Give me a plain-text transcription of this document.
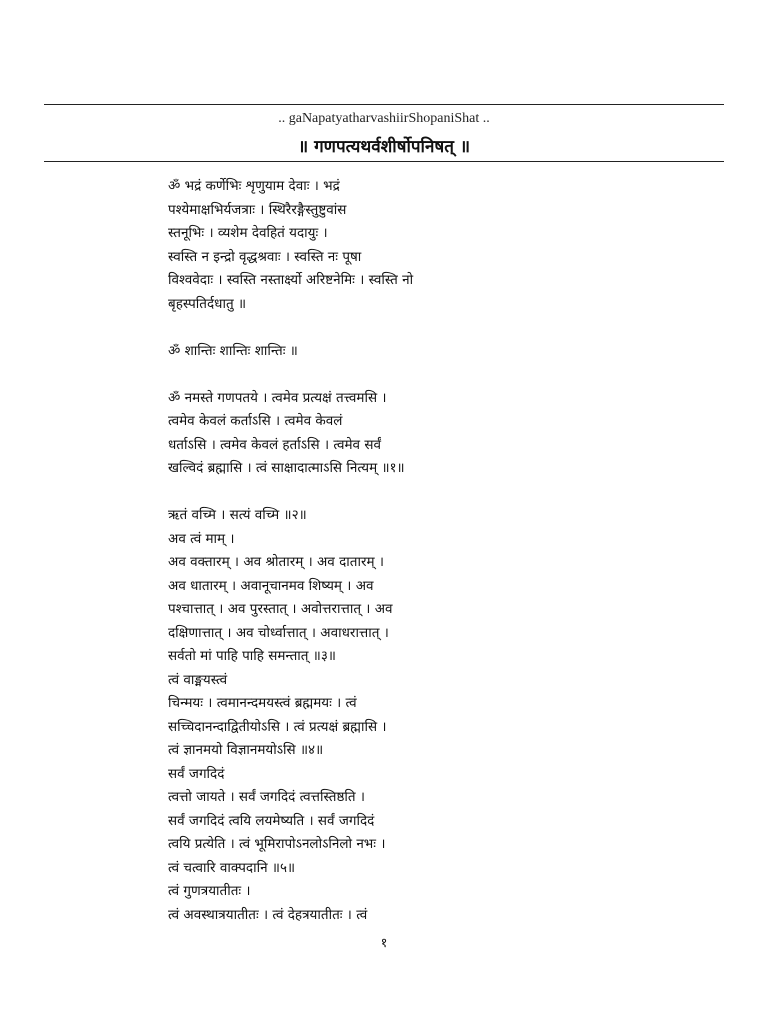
.. gaNapatyatharvashiirShopaniShat ..
॥ गणपत्यथर्वशीर्षोपनिषत् ॥
ॐ भद्रं कर्णेभिः शृणुयाम देवाः । भद्रं
पश्येमाक्षभिर्यजत्राः । स्थिरैरङ्गैस्तुष्टुवांस
स्तनूभिः । व्यशेम देवहितं यदायुः ।
स्वस्ति न इन्द्रो वृद्धश्रवाः । स्वस्ति नः पूषा
विश्ववेदाः । स्वस्ति नस्तार्क्ष्यो अरिष्टनेमिः । स्वस्ति नो
बृहस्पतिर्दधातु ॥
ॐ शान्तिः शान्तिः शान्तिः ॥
ॐ नमस्ते गणपतये । त्वमेव प्रत्यक्षं तत्त्वमसि ।
त्वमेव केवलं कर्ताऽसि । त्वमेव केवलं
धर्ताऽसि । त्वमेव केवलं हर्ताऽसि । त्वमेव सर्वं
खल्विदं ब्रह्मासि । त्वं साक्षादात्माऽसि नित्यम् ॥१॥
ऋतं वच्मि । सत्यं वच्मि ॥२॥
अव त्वं माम् ।
अव वक्तारम् । अव श्रोतारम् । अव दातारम् ।
अव धातारम् । अवानूचानमव शिष्यम् । अव
पश्चात्तात् । अव पुरस्तात् । अवोत्तरात्तात् । अव
दक्षिणात्तात् । अव चोर्ध्वात्तात् । अवाधरात्तात् ।
सर्वतो मां पाहि पाहि समन्तात् ॥३॥
त्वं वाङ्मयस्त्वं
चिन्मयः । त्वमानन्दमयस्त्वं ब्रह्ममयः । त्वं
सच्चिदानन्दाद्वितीयोऽसि । त्वं प्रत्यक्षं ब्रह्मासि ।
त्वं ज्ञानमयो विज्ञानमयोऽसि ॥४॥
सर्वं जगदिदं
त्वत्तो जायते । सर्वं जगदिदं त्वत्तस्तिष्ठति ।
सर्वं जगदिदं त्वयि लयमेष्यति । सर्वं जगदिदं
त्वयि प्रत्येति । त्वं भूमिरापोऽनलोऽनिलो नभः ।
त्वं चत्वारि वाक्पदानि ॥५॥
त्वं गुणत्रयातीतः ।
त्वं अवस्थात्रयातीतः । त्वं देहत्रयातीतः । त्वं
१
